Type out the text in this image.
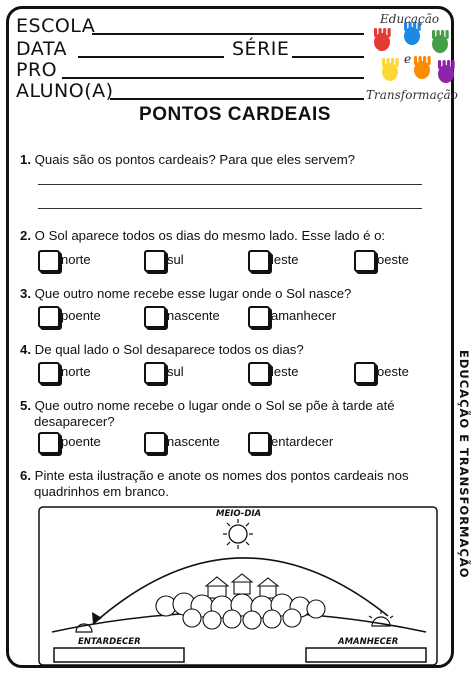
ESCOLA
DATA	SÉRIE
PRO
ALUNO(A)
Educação
e
Transformação
PONTOS CARDEAIS
1. Quais são os pontos cardeais? Para que eles servem?
2. O Sol aparece todos os dias do mesmo lado. Esse lado é o:
norte	sul	leste	oeste
3. Que outro nome recebe esse lugar onde o Sol nasce?
poente	nascente	amanhecer
4. De qual lado o Sol desaparece todos os dias?
norte	sul	leste	oeste
5. Que outro nome recebe o lugar onde o Sol se põe à tarde até
desaparecer?
poente	nascente	entardecer
6. Pinte esta ilustração e anote os nomes dos pontos cardeais nos
quadrinhos em branco.
MEIO-DIA
ENTARDECER	AMANHECER
EDUCAÇÃO E TRANSFORMAÇÃO
